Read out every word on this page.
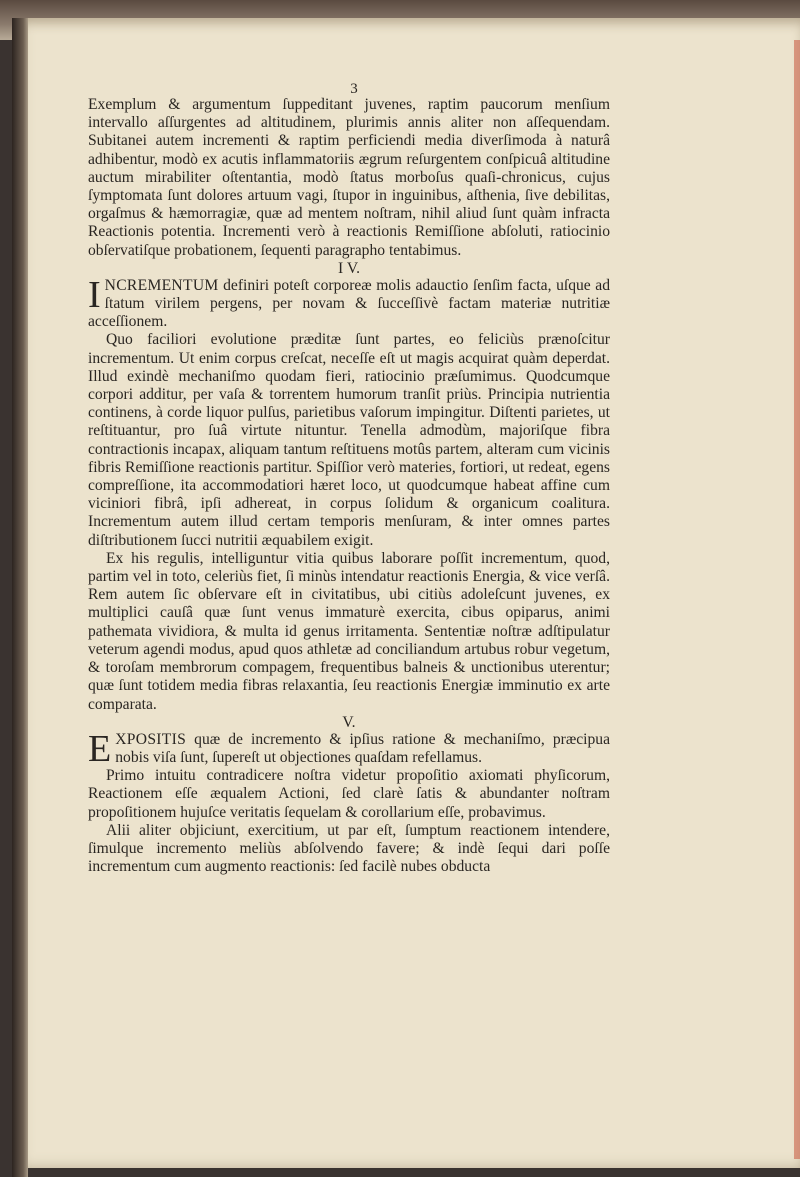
3

Exemplum & argumentum ſuppeditant juvenes, raptim paucorum menſium intervallo aſſurgentes ad altitudinem, plurimis annis aliter non aſſequendam. Subitanei autem incrementi & raptim perficiendi media diverſimoda à naturâ adhibentur, modò ex acutis inflammatoriis ægrum reſurgentem conſpicuâ altitudine auctum mirabiliter oſtentantia, modò ſtatus morboſus quaſi-chronicus, cujus ſymptomata ſunt dolores artuum vagi, ſtupor in inguinibus, aſthenia, ſive debilitas, orgaſmus & hæmorragiæ, quæ ad mentem noſtram, nihil aliud ſunt quàm infracta Reactionis potentia. Incrementi verò à reactionis Remiſſione abſoluti, ratiocinio obſervatiſque probationem, ſequenti paragrapho tentabimus.

I V.

INCREMENTUM definiri poteſt corporeæ molis adauctio ſenſim facta, uſque ad ſtatum virilem pergens, per novam & ſucceſſivè factam materiæ nutritiæ acceſſionem.

Quo faciliori evolutione præditæ ſunt partes, eo feliciùs prænoſcitur incrementum. Ut enim corpus creſcat, neceſſe eſt ut magis acquirat quàm deperdat. Illud exindè mechaniſmo quodam fieri, ratiocinio præſumimus. Quodcumque corpori additur, per vaſa & torrentem humorum tranſit priùs. Principia nutrientia continens, à corde liquor pulſus, parietibus vaſorum impingitur. Diſtenti parietes, ut reſtituantur, pro ſuâ virtute nituntur. Tenella admodùm, majoriſque fibra contractionis incapax, aliquam tantum reſtituens motûs partem, alteram cum vicinis fibris Remiſſione reactionis partitur. Spiſſior verò materies, fortiori, ut redeat, egens compreſſione, ita accommodatiori hæret loco, ut quodcumque habeat affine cum viciniori fibrâ, ipſi adhereat, in corpus ſolidum & organicum coalitura. Incrementum autem illud certam temporis menſuram, & inter omnes partes diſtributionem ſucci nutritii æquabilem exigit.

Ex his regulis, intelliguntur vitia quibus laborare poſſit incrementum, quod, partim vel in toto, celeriùs fiet, ſi minùs intendatur reactionis Energia, & vice verſâ. Rem autem ſic obſervare eſt in civitatibus, ubi citiùs adoleſcunt juvenes, ex multiplici cauſâ quæ ſunt venus immaturè exercita, cibus opiparus, animi pathemata vividiora, & multa id genus irritamenta. Sententiæ noſtræ adſtipulatur veterum agendi modus, apud quos athletæ ad conciliandum artubus robur vegetum, & toroſam membrorum compagem, frequentibus balneis & unctionibus uterentur; quæ ſunt totidem media fibras relaxantia, ſeu reactionis Energiæ imminutio ex arte comparata.

V.

EXPOSITIS quæ de incremento & ipſius ratione & mechaniſmo, præcipua nobis viſa ſunt, ſupereſt ut objectiones quaſdam refellamus.

Primo intuitu contradicere noſtra videtur propoſitio axiomati phyſicorum, Reactionem eſſe æqualem Actioni, ſed clarè ſatis & abundanter noſtram propoſitionem hujuſce veritatis ſequelam & corollarium eſſe, probavimus.

Alii aliter objiciunt, exercitium, ut par eſt, ſumptum reactionem intendere, ſimulque incremento meliùs abſolvendo favere; & indè ſequi dari poſſe incrementum cum augmento reactionis: ſed facilè nubes obducta
